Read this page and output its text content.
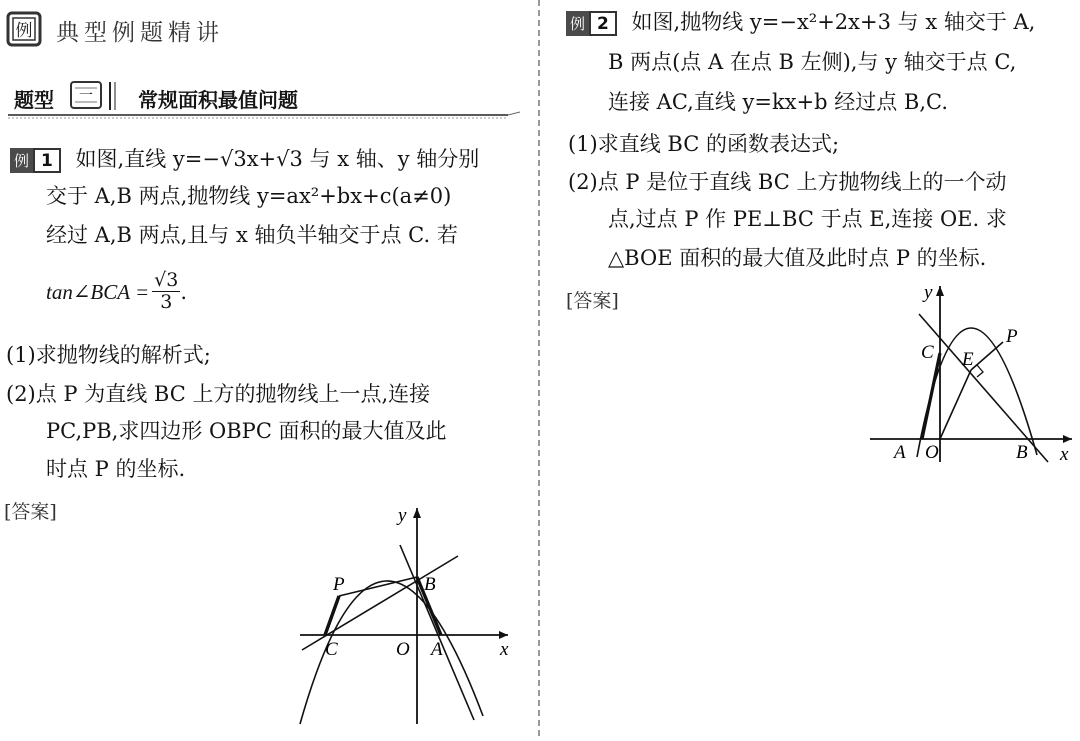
例 典型例题精讲
题型 一 常规面积最值问题
例 1	如图,直线 y=−√3x+√3 与 x 轴、y 轴分别
交于 A,B 两点,抛物线 y=ax²+bx+c(a≠0)
经过 A,B 两点,且与 x 轴负半轴交于点 C. 若
tan∠BCA = $\frac{√3}{3}$ .
(1)求抛物线的解析式;
(2)点 P 为直线 BC 上方的抛物线上一点,连接
PC,PB,求四边形 OBPC 面积的最大值及此
时点 P 的坐标.
[答案]	y
x
P	B
C	O A
例 2	如图,抛物线 y=−x²+2x+3 与 x 轴交于 A,
B 两点(点 A 在点 B 左侧),与 y 轴交于点 C,
连接 AC,直线 y=kx+b 经过点 B,C.
(1)求直线 BC 的函数表达式;
(2)点 P 是位于直线 BC 上方抛物线上的一个动
点,过点 P 作 PE⊥BC 于点 E,连接 OE. 求
△BOE 面积的最大值及此时点 P 的坐标.
[答案]	y
C E
P
A O	B x
